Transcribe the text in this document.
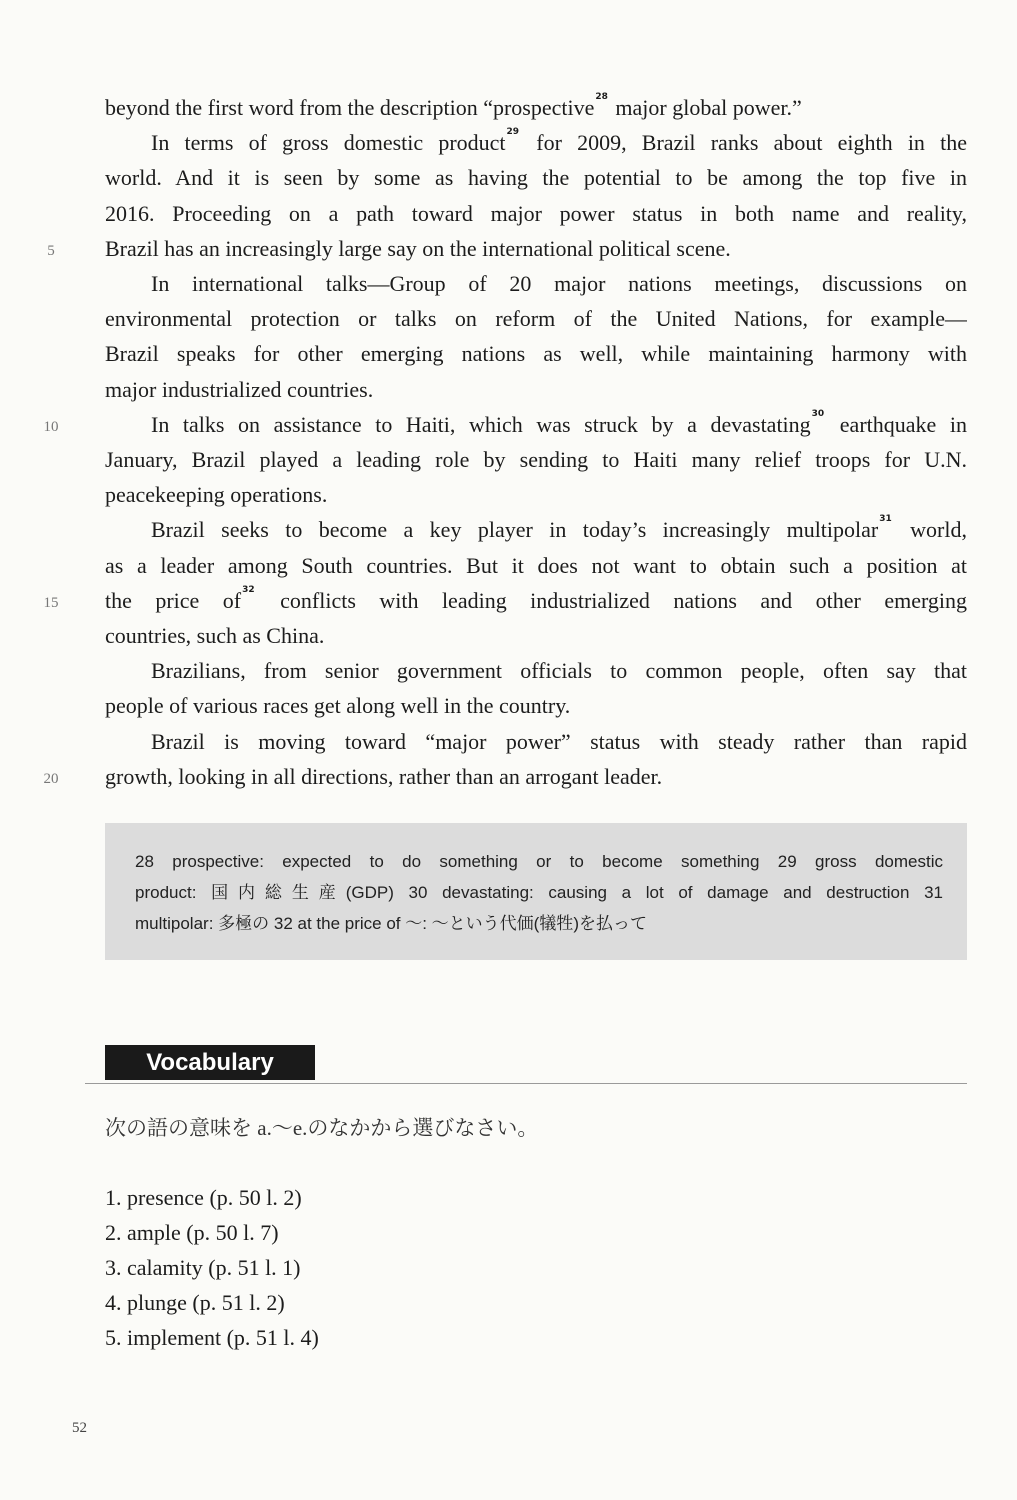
beyond the first word from the description “prospective$^{28}$ major global power.”
In terms of gross domestic product$^{29}$ for 2009, Brazil ranks about eighth in the
world. And it is seen by some as having the potential to be among the top five in
2016. Proceeding on a path toward major power status in both name and reality,
Brazil has an increasingly large say on the international political scene.
In international talks—Group of 20 major nations meetings, discussions on
environmental protection or talks on reform of the United Nations, for example—
Brazil speaks for other emerging nations as well, while maintaining harmony with
major industrialized countries.
In talks on assistance to Haiti, which was struck by a devastating$^{30}$ earthquake in
January, Brazil played a leading role by sending to Haiti many relief troops for U.N.
peacekeeping operations.
Brazil seeks to become a key player in today’s increasingly multipolar$^{31}$ world,
as a leader among South countries. But it does not want to obtain such a position at
the price of$^{32}$ conflicts with leading industrialized nations and other emerging
countries, such as China.
Brazilians, from senior government officials to common people, often say that
people of various races get along well in the country.
Brazil is moving toward “major power” status with steady rather than rapid
growth, looking in all directions, rather than an arrogant leader.
5
10
15
20
28 prospective: expected to do something or to become something 29 gross domestic
product: 国内総生産(GDP) 30 devastating: causing a lot of damage and destruction 31
multipolar: 多極の 32 at the price of ～: ～という代価(犠牲)を払って
Vocabulary
次の語の意味を a.～e.のなかから選びなさい。
1. presence (p. 50 l. 2)
2. ample (p. 50 l. 7)
3. calamity (p. 51 l. 1)
4. plunge (p. 51 l. 2)
5. implement (p. 51 l. 4)
52
